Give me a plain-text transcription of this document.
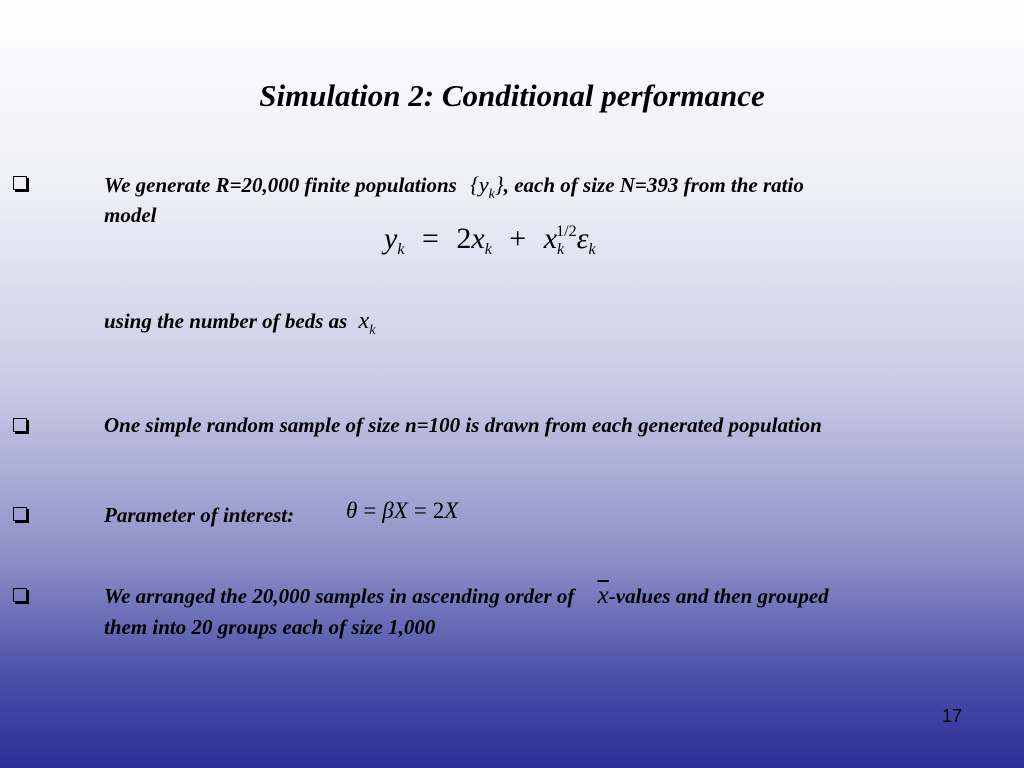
Simulation 2: Conditional performance
We generate R=20,000 finite populations $\{y_k\}$, each of size N=393 from the ratio
model
$y_k = 2x_k + x_k^{1/2}\varepsilon_k$
using the number of beds as $x_k$
One simple random sample of size n=100 is drawn from each generated population
Parameter of interest: θ = βX = 2X
We arranged the 20,000 samples in ascending order of $\overline{x}$-values and then grouped
them into 20 groups each of size 1,000
17
